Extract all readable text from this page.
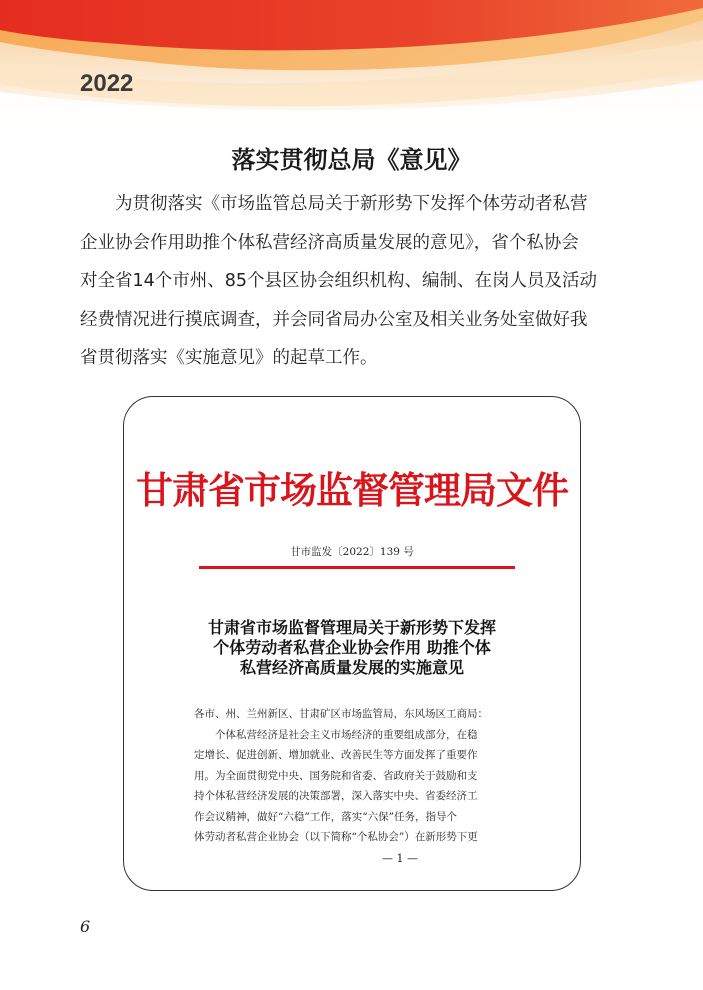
2022
落实贯彻总局《意见》
为贯彻落实《市场监管总局关于新形势下发挥个体劳动者私营
企业协会作用助推个体私营经济高质量发展的意见》，省个私协会
对全省14个市州、85个县区协会组织机构、编制、在岗人员及活动
经费情况进行摸底调查，并会同省局办公室及相关业务处室做好我
省贯彻落实《实施意见》的起草工作。
甘肃省市场监督管理局文件
甘市监发〔2022〕139 号
甘肃省市场监督管理局关于新形势下发挥
个体劳动者私营企业协会作用 助推个体
私营经济高质量发展的实施意见
各市、州、兰州新区、甘肃矿区市场监管局，东风场区工商局：
个体私营经济是社会主义市场经济的重要组成部分，在稳
定增长、促进创新、增加就业、改善民生等方面发挥了重要作
用。为全面贯彻党中央、国务院和省委、省政府关于鼓励和支
持个体私营经济发展的决策部署，深入落实中央、省委经济工
作会议精神，做好“六稳”工作，落实“六保”任务，指导个
体劳动者私营企业协会（以下简称“个私协会”）在新形势下更
— 1 —
6
